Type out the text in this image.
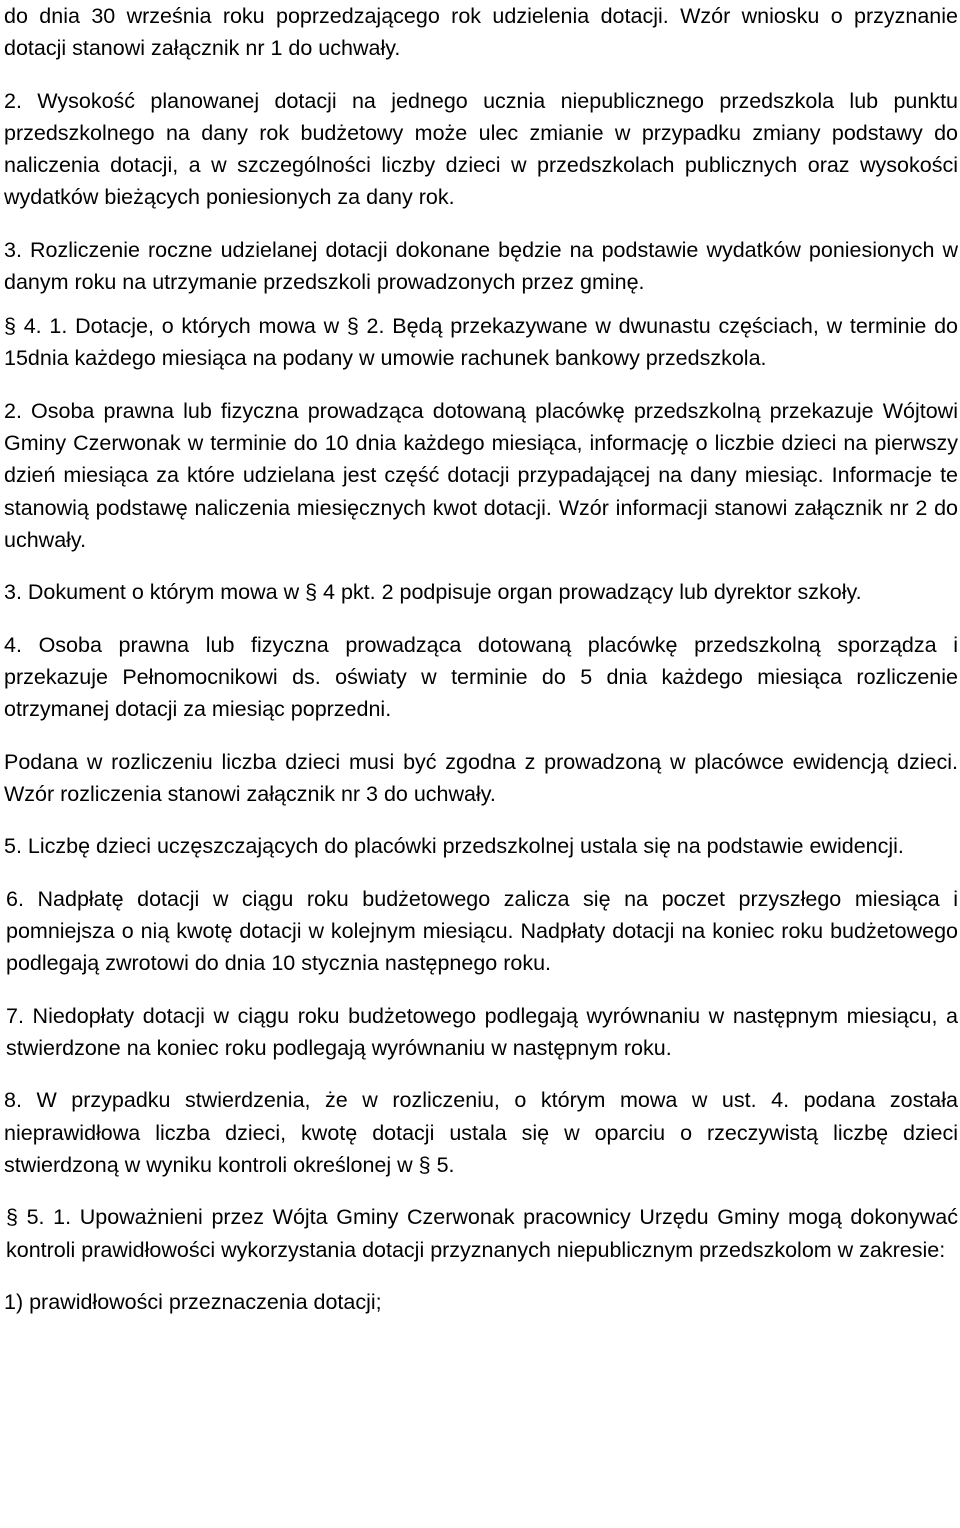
do dnia 30 września roku poprzedzającego rok udzielenia dotacji. Wzór wniosku o przyznanie dotacji stanowi załącznik nr 1 do uchwały.

2. Wysokość planowanej dotacji na jednego ucznia niepublicznego przedszkola lub punktu przedszkolnego na dany rok budżetowy może ulec zmianie w przypadku zmiany podstawy do naliczenia dotacji, a w szczególności liczby dzieci w przedszkolach publicznych oraz wysokości wydatków bieżących poniesionych za dany rok.

3. Rozliczenie roczne udzielanej dotacji dokonane będzie na podstawie wydatków poniesionych w danym roku na utrzymanie przedszkoli prowadzonych przez gminę.

§ 4. 1. Dotacje, o których mowa w § 2. Będą przekazywane w dwunastu częściach, w terminie do 15dnia każdego miesiąca na podany w umowie rachunek bankowy przedszkola.

2. Osoba prawna lub fizyczna prowadząca dotowaną placówkę przedszkolną przekazuje Wójtowi Gminy Czerwonak w terminie do 10 dnia każdego miesiąca, informację o liczbie dzieci na pierwszy dzień miesiąca za które udzielana jest część dotacji przypadającej na dany miesiąc. Informacje te stanowią podstawę naliczenia miesięcznych kwot dotacji. Wzór informacji stanowi załącznik nr 2 do uchwały.

3. Dokument o którym mowa w § 4 pkt. 2 podpisuje organ prowadzący lub dyrektor szkoły.

4. Osoba prawna lub fizyczna prowadząca dotowaną placówkę przedszkolną sporządza i przekazuje Pełnomocnikowi ds. oświaty w terminie do 5 dnia każdego miesiąca rozliczenie otrzymanej dotacji za miesiąc poprzedni.

Podana w rozliczeniu liczba dzieci musi być zgodna z prowadzoną w placówce ewidencją dzieci. Wzór rozliczenia stanowi załącznik nr 3 do uchwały.

5. Liczbę dzieci uczęszczających do placówki przedszkolnej ustala się na podstawie ewidencji.

6. Nadpłatę dotacji w ciągu roku budżetowego zalicza się na poczet przyszłego miesiąca i pomniejsza o nią kwotę dotacji w kolejnym miesiącu. Nadpłaty dotacji na koniec roku budżetowego podlegają zwrotowi do dnia 10 stycznia następnego roku.

7. Niedopłaty dotacji w ciągu roku budżetowego podlegają wyrównaniu w następnym miesiącu, a stwierdzone na koniec roku podlegają wyrównaniu w następnym roku.

8. W przypadku stwierdzenia, że w rozliczeniu, o którym mowa w ust. 4. podana została nieprawidłowa liczba dzieci, kwotę dotacji ustala się w oparciu o rzeczywistą liczbę dzieci stwierdzoną w wyniku kontroli określonej w § 5.

§ 5. 1. Upoważnieni przez Wójta Gminy Czerwonak pracownicy Urzędu Gminy mogą dokonywać kontroli prawidłowości wykorzystania dotacji przyznanych niepublicznym przedszkolom w zakresie:

1) prawidłowości przeznaczenia dotacji;
